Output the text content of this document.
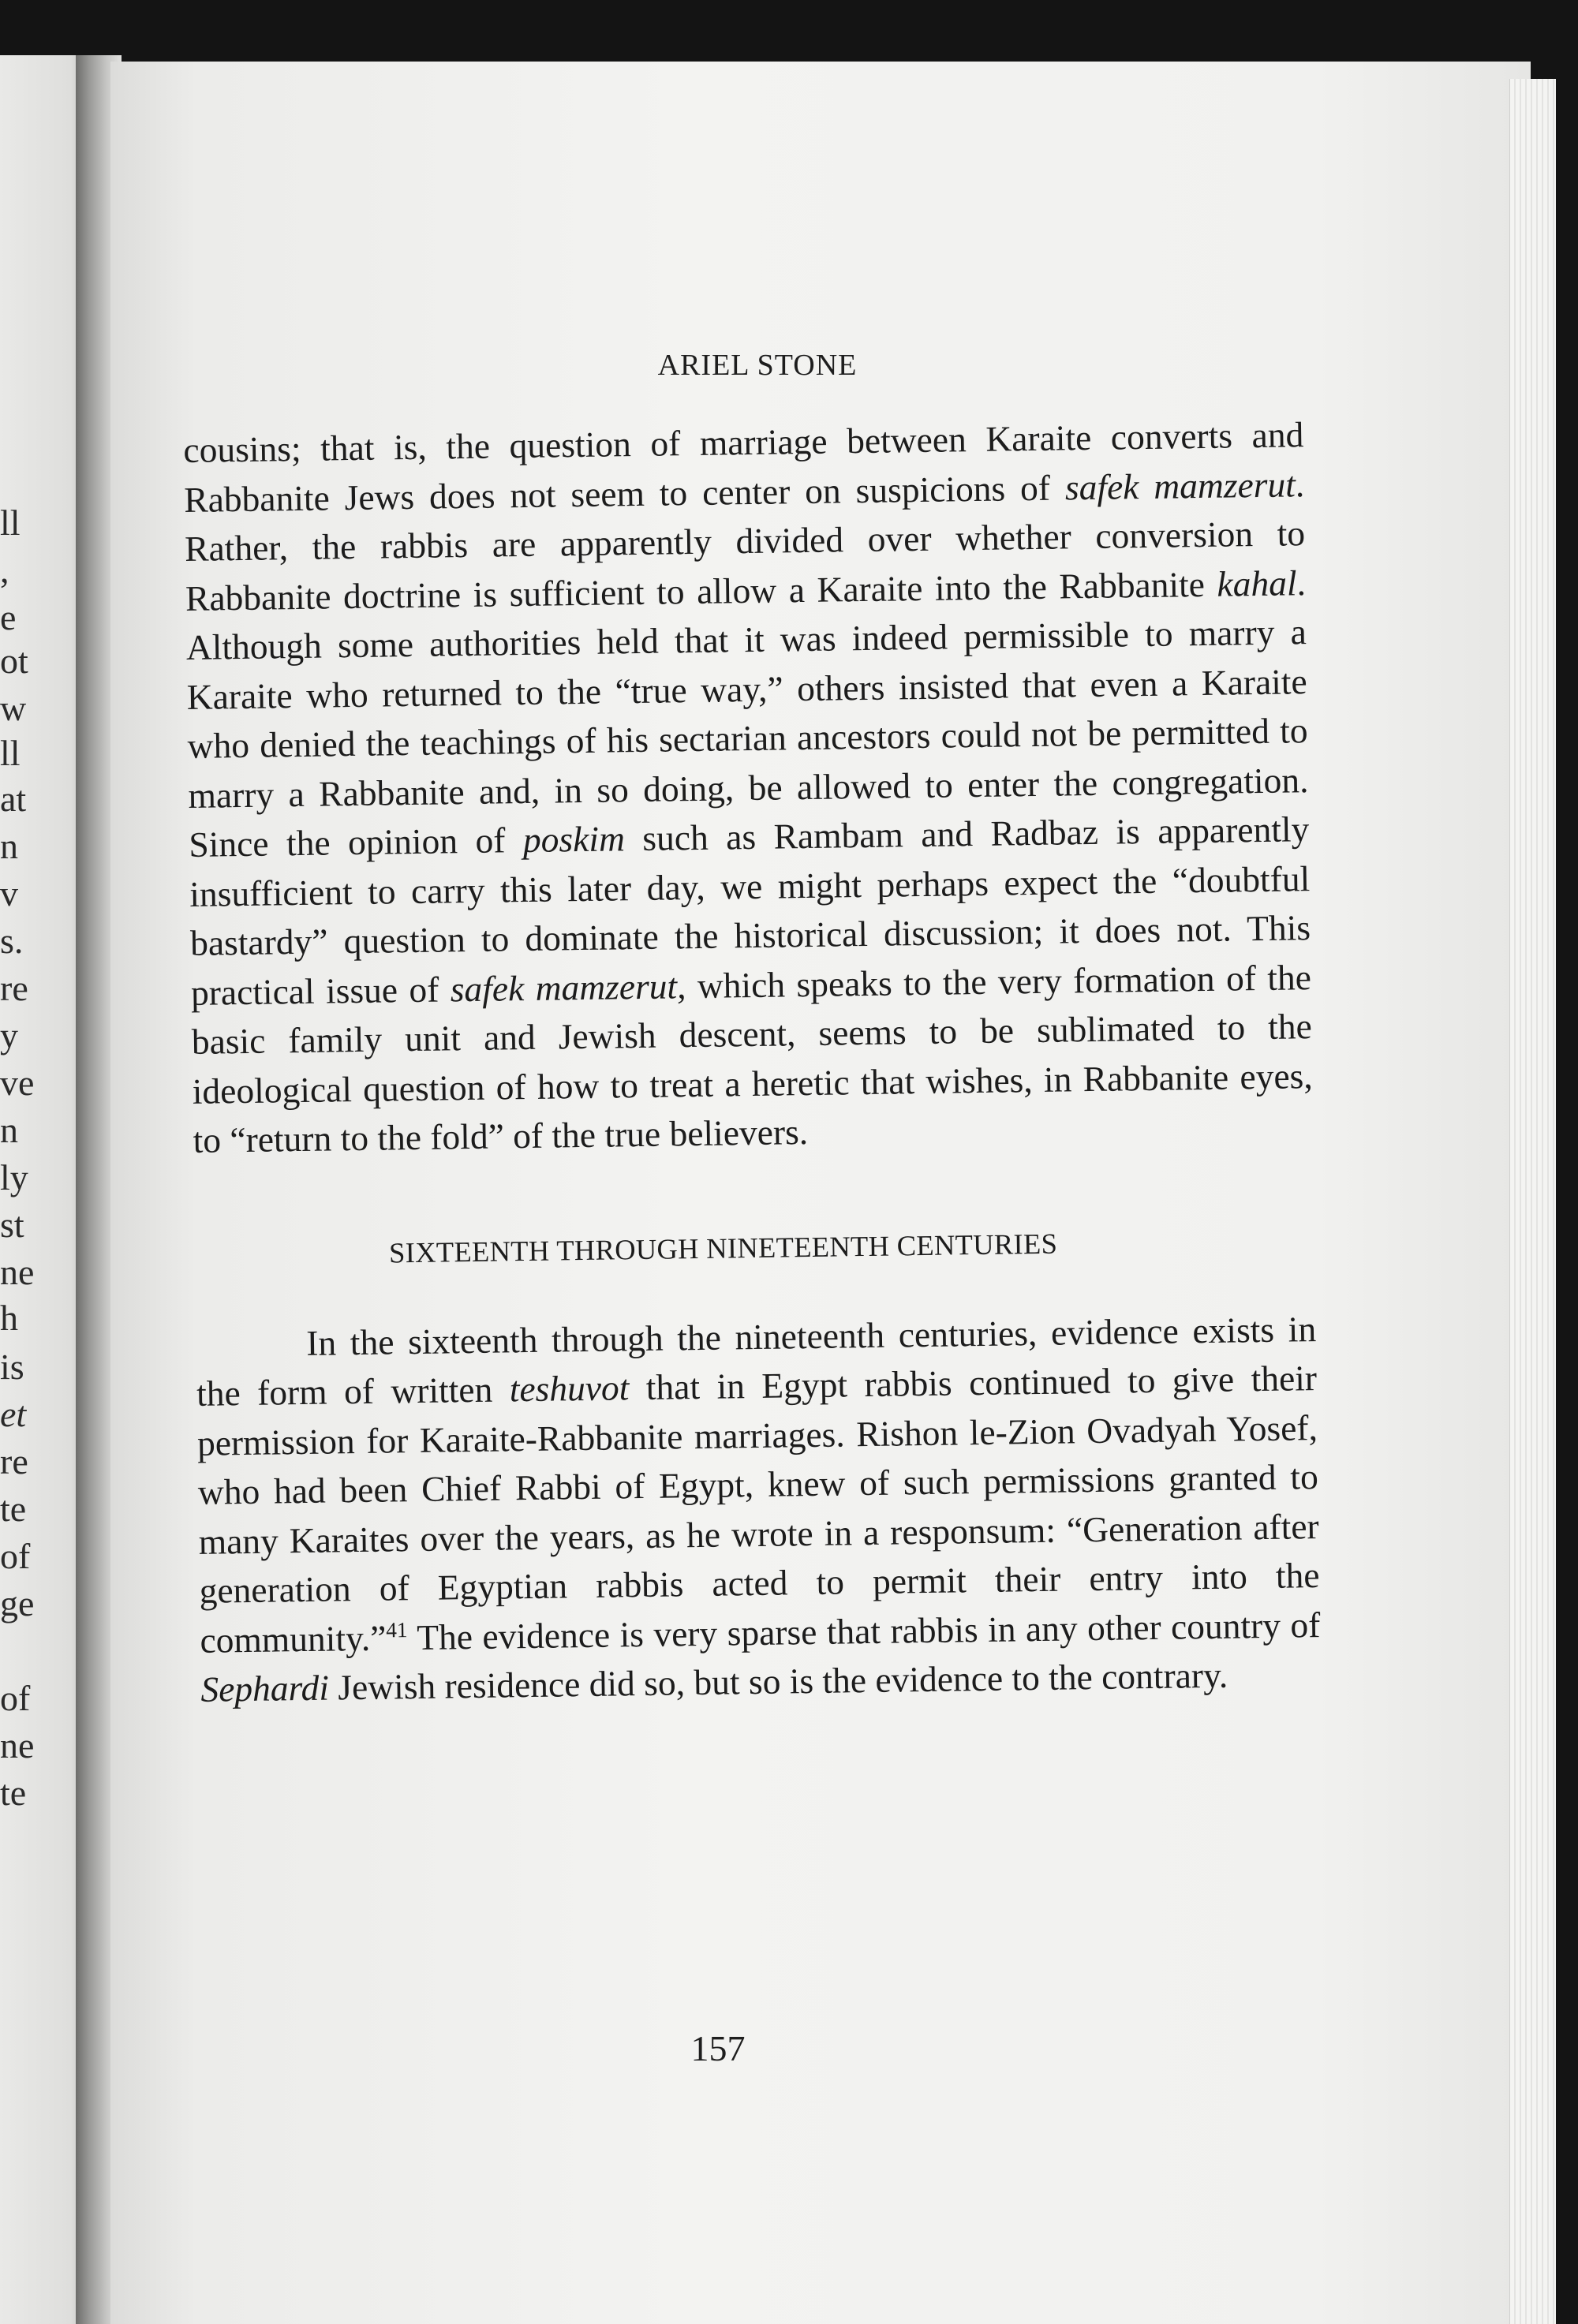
ll
,
e
ot
w
ll
at
n
v
s.
re
y
ve
n
ly
st
ne
h
is
et
re
te
of
ge
of
ne
te
ARIEL STONE

cousins; that is, the question of marriage between Karaite converts and Rabbanite Jews does not seem to center on suspicions of safek mamzerut. Rather, the rabbis are apparently divided over whether conversion to Rabbanite doctrine is sufficient to allow a Karaite into the Rabbanite kahal. Although some authorities held that it was indeed permissible to marry a Karaite who returned to the “true way,” others insisted that even a Karaite who denied the teachings of his sectarian ancestors could not be permitted to marry a Rabbanite and, in so doing, be allowed to enter the congregation. Since the opinion of poskim such as Rambam and Radbaz is apparently insufficient to carry this later day, we might perhaps expect the “doubtful bastardy” question to dominate the historical discussion; it does not. This practical issue of safek mamzerut, which speaks to the very formation of the basic family unit and Jewish descent, seems to be sublimated to the ideological question of how to treat a heretic that wishes, in Rabbanite eyes, to “return to the fold” of the true believers.

SIXTEENTH THROUGH NINETEENTH CENTURIES

In the sixteenth through the nineteenth centuries, evidence exists in the form of written teshuvot that in Egypt rabbis continued to give their permission for Karaite-Rabbanite marriages. Rishon le-Zion Ovadyah Yosef, who had been Chief Rabbi of Egypt, knew of such permissions granted to many Karaites over the years, as he wrote in a responsum: “Generation after generation of Egyptian rabbis acted to permit their entry into the community.”$^{41}$ The evidence is very sparse that rabbis in any other country of Sephardi Jewish residence did so, but so is the evidence to the contrary.

157
